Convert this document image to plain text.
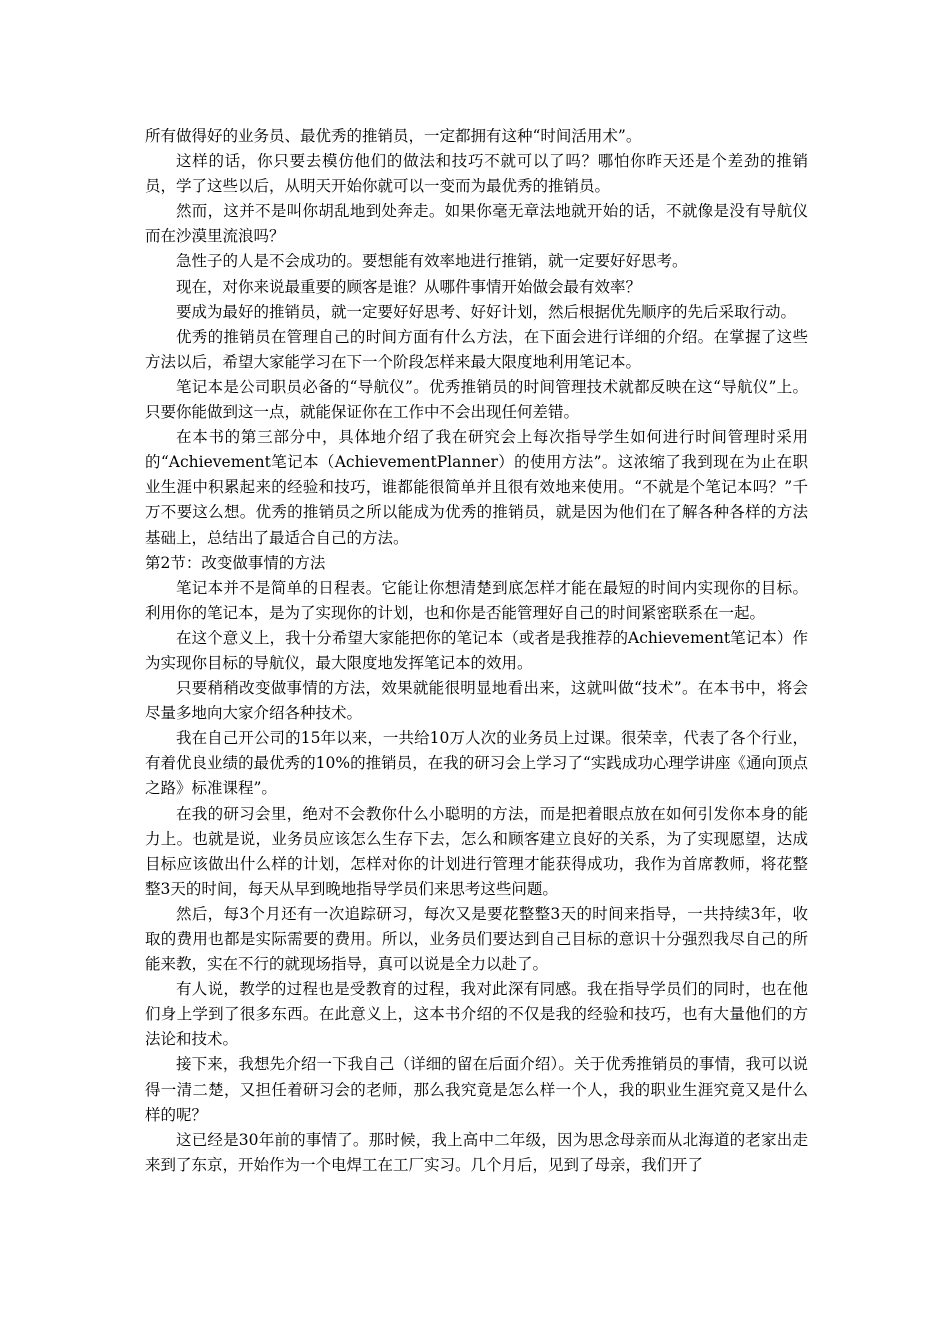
所有做得好的业务员、最优秀的推销员，一定都拥有这种“时间活用术”。

这样的话，你只要去模仿他们的做法和技巧不就可以了吗？哪怕你昨天还是个差劲的推销员，学了这些以后，从明天开始你就可以一变而为最优秀的推销员。

然而，这并不是叫你胡乱地到处奔走。如果你毫无章法地就开始的话，不就像是没有导航仪而在沙漠里流浪吗？

急性子的人是不会成功的。要想能有效率地进行推销，就一定要好好思考。

现在，对你来说最重要的顾客是谁？从哪件事情开始做会最有效率？

要成为最好的推销员，就一定要好好思考、好好计划，然后根据优先顺序的先后采取行动。

优秀的推销员在管理自己的时间方面有什么方法，在下面会进行详细的介绍。在掌握了这些方法以后，希望大家能学习在下一个阶段怎样来最大限度地利用笔记本。

笔记本是公司职员必备的“导航仪”。优秀推销员的时间管理技术就都反映在这“导航仪”上。只要你能做到这一点，就能保证你在工作中不会出现任何差错。

在本书的第三部分中，具体地介绍了我在研究会上每次指导学生如何进行时间管理时采用的“Achievement笔记本（AchievementPlanner）的使用方法”。这浓缩了我到现在为止在职业生涯中积累起来的经验和技巧，谁都能很简单并且很有效地来使用。“不就是个笔记本吗？”千万不要这么想。优秀的推销员之所以能成为优秀的推销员，就是因为他们在了解各种各样的方法基础上，总结出了最适合自己的方法。

第2节：改变做事情的方法

笔记本并不是简单的日程表。它能让你想清楚到底怎样才能在最短的时间内实现你的目标。利用你的笔记本，是为了实现你的计划，也和你是否能管理好自己的时间紧密联系在一起。

在这个意义上，我十分希望大家能把你的笔记本（或者是我推荐的Achievement笔记本）作为实现你目标的导航仪，最大限度地发挥笔记本的效用。

只要稍稍改变做事情的方法，效果就能很明显地看出来，这就叫做“技术”。在本书中，将会尽量多地向大家介绍各种技术。

我在自己开公司的15年以来，一共给10万人次的业务员上过课。很荣幸，代表了各个行业，有着优良业绩的最优秀的10%的推销员，在我的研习会上学习了“实践成功心理学讲座《通向顶点之路》标准课程”。

在我的研习会里，绝对不会教你什么小聪明的方法，而是把着眼点放在如何引发你本身的能力上。也就是说，业务员应该怎么生存下去，怎么和顾客建立良好的关系，为了实现愿望，达成目标应该做出什么样的计划，怎样对你的计划进行管理才能获得成功，我作为首席教师，将花整整3天的时间，每天从早到晚地指导学员们来思考这些问题。

然后，每3个月还有一次追踪研习，每次又是要花整整3天的时间来指导，一共持续3年，收取的费用也都是实际需要的费用。所以，业务员们要达到自己目标的意识十分强烈我尽自己的所能来教，实在不行的就现场指导，真可以说是全力以赴了。

有人说，教学的过程也是受教育的过程，我对此深有同感。我在指导学员们的同时，也在他们身上学到了很多东西。在此意义上，这本书介绍的不仅是我的经验和技巧，也有大量他们的方法论和技术。

接下来，我想先介绍一下我自己（详细的留在后面介绍）。关于优秀推销员的事情，我可以说得一清二楚，又担任着研习会的老师，那么我究竟是怎么样一个人，我的职业生涯究竟又是什么样的呢？

这已经是30年前的事情了。那时候，我上高中二年级，因为思念母亲而从北海道的老家出走来到了东京，开始作为一个电焊工在工厂实习。几个月后，见到了母亲，我们开了
